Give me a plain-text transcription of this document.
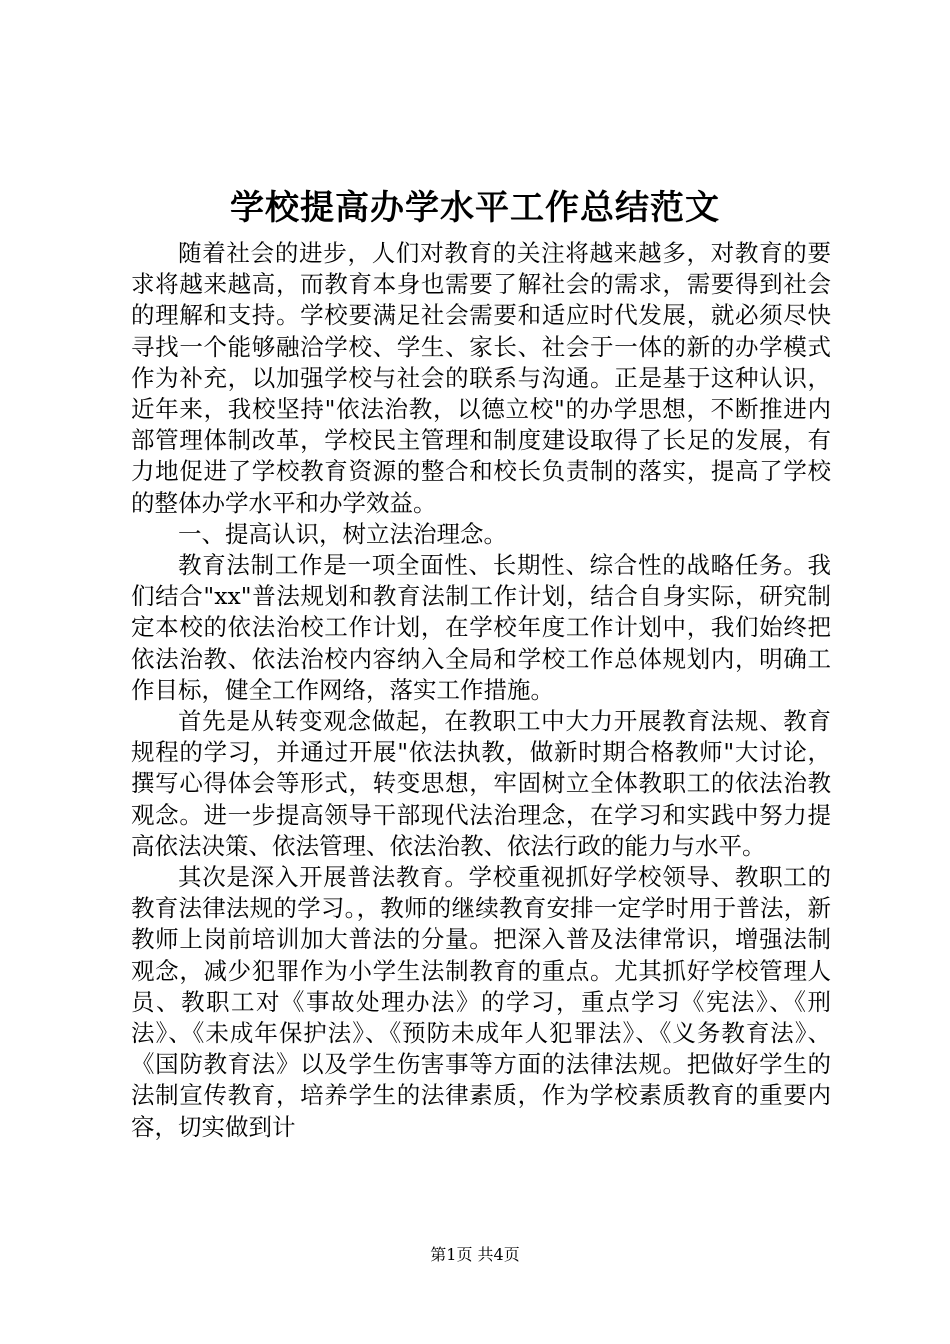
学校提高办学水平工作总结范文

随着社会的进步，人们对教育的关注将越来越多，对教育的要求将越来越高，而教育本身也需要了解社会的需求，需要得到社会的理解和支持。学校要满足社会需要和适应时代发展，就必须尽快寻找一个能够融洽学校、学生、家长、社会于一体的新的办学模式作为补充，以加强学校与社会的联系与沟通。正是基于这种认识，近年来，我校坚持"依法治教，以德立校"的办学思想，不断推进内部管理体制改革，学校民主管理和制度建设取得了长足的发展，有力地促进了学校教育资源的整合和校长负责制的落实，提高了学校的整体办学水平和办学效益。

一、提高认识，树立法治理念。

教育法制工作是一项全面性、长期性、综合性的战略任务。我们结合"xx"普法规划和教育法制工作计划，结合自身实际，研究制定本校的依法治校工作计划，在学校年度工作计划中，我们始终把依法治教、依法治校内容纳入全局和学校工作总体规划内，明确工作目标，健全工作网络，落实工作措施。

首先是从转变观念做起，在教职工中大力开展教育法规、教育规程的学习，并通过开展"依法执教，做新时期合格教师"大讨论，撰写心得体会等形式，转变思想，牢固树立全体教职工的依法治教观念。进一步提高领导干部现代法治理念，在学习和实践中努力提高依法决策、依法管理、依法治教、依法行政的能力与水平。

其次是深入开展普法教育。学校重视抓好学校领导、教职工的教育法律法规的学习。，教师的继续教育安排一定学时用于普法，新教师上岗前培训加大普法的分量。把深入普及法律常识，增强法制观念，减少犯罪作为小学生法制教育的重点。尤其抓好学校管理人员、教职工对《事故处理办法》的学习，重点学习《宪法》、《刑法》、《未成年保护法》、《预防未成年人犯罪法》、《义务教育法》、《国防教育法》以及学生伤害事等方面的法律法规。把做好学生的法制宣传教育，培养学生的法律素质，作为学校素质教育的重要内容，切实做到计

第1页 共4页
